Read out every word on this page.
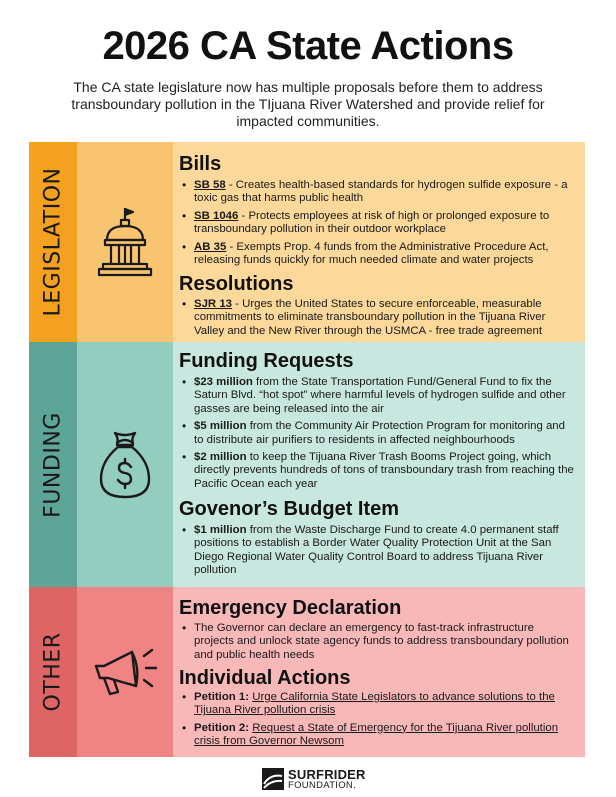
2026 CA State Actions
The CA state legislature now has multiple proposals before them to address transboundary pollution in the TIjuana River Watershed and provide relief for impacted communities.
LEGISLATION
Bills
• SB 58 - Creates health-based standards for hydrogen sulfide exposure - a toxic gas that harms public health
• SB 1046 - Protects employees at risk of high or prolonged exposure to transboundary pollution in their outdoor workplace
• AB 35 - Exempts Prop. 4 funds from the Administrative Procedure Act, releasing funds quickly for much needed climate and water projects
Resolutions
• SJR 13 - Urges the United States to secure enforceable, measurable commitments to eliminate transboundary pollution in the Tijuana River Valley and the New River through the USMCA - free trade agreement
FUNDING
Funding Requests
• $23 million from the State Transportation Fund/General Fund to fix the Saturn Blvd. “hot spot” where harmful levels of hydrogen sulfide and other gasses are being released into the air
• $5 million from the Community Air Protection Program for monitoring and to distribute air purifiers to residents in affected neighbourhoods
• $2 million to keep the Tijuana River Trash Booms Project going, which directly prevents hundreds of tons of transboundary trash from reaching the Pacific Ocean each year
Govenor’s Budget Item
• $1 million from the Waste Discharge Fund to create 4.0 permanent staff positions to establish a Border Water Quality Protection Unit at the San Diego Regional Water Quality Control Board to address Tijuana River pollution
OTHER
Emergency Declaration
• The Governor can declare an emergency to fast-track infrastructure projects and unlock state agency funds to address transboundary pollution and public health needs
Individual Actions
• Petition 1: Urge California State Legislators to advance solutions to the Tijuana River pollution crisis
• Petition 2: Request a State of Emergency for the Tijuana River pollution crisis from Governor Newsom
SURFRIDER
FOUNDATION.
